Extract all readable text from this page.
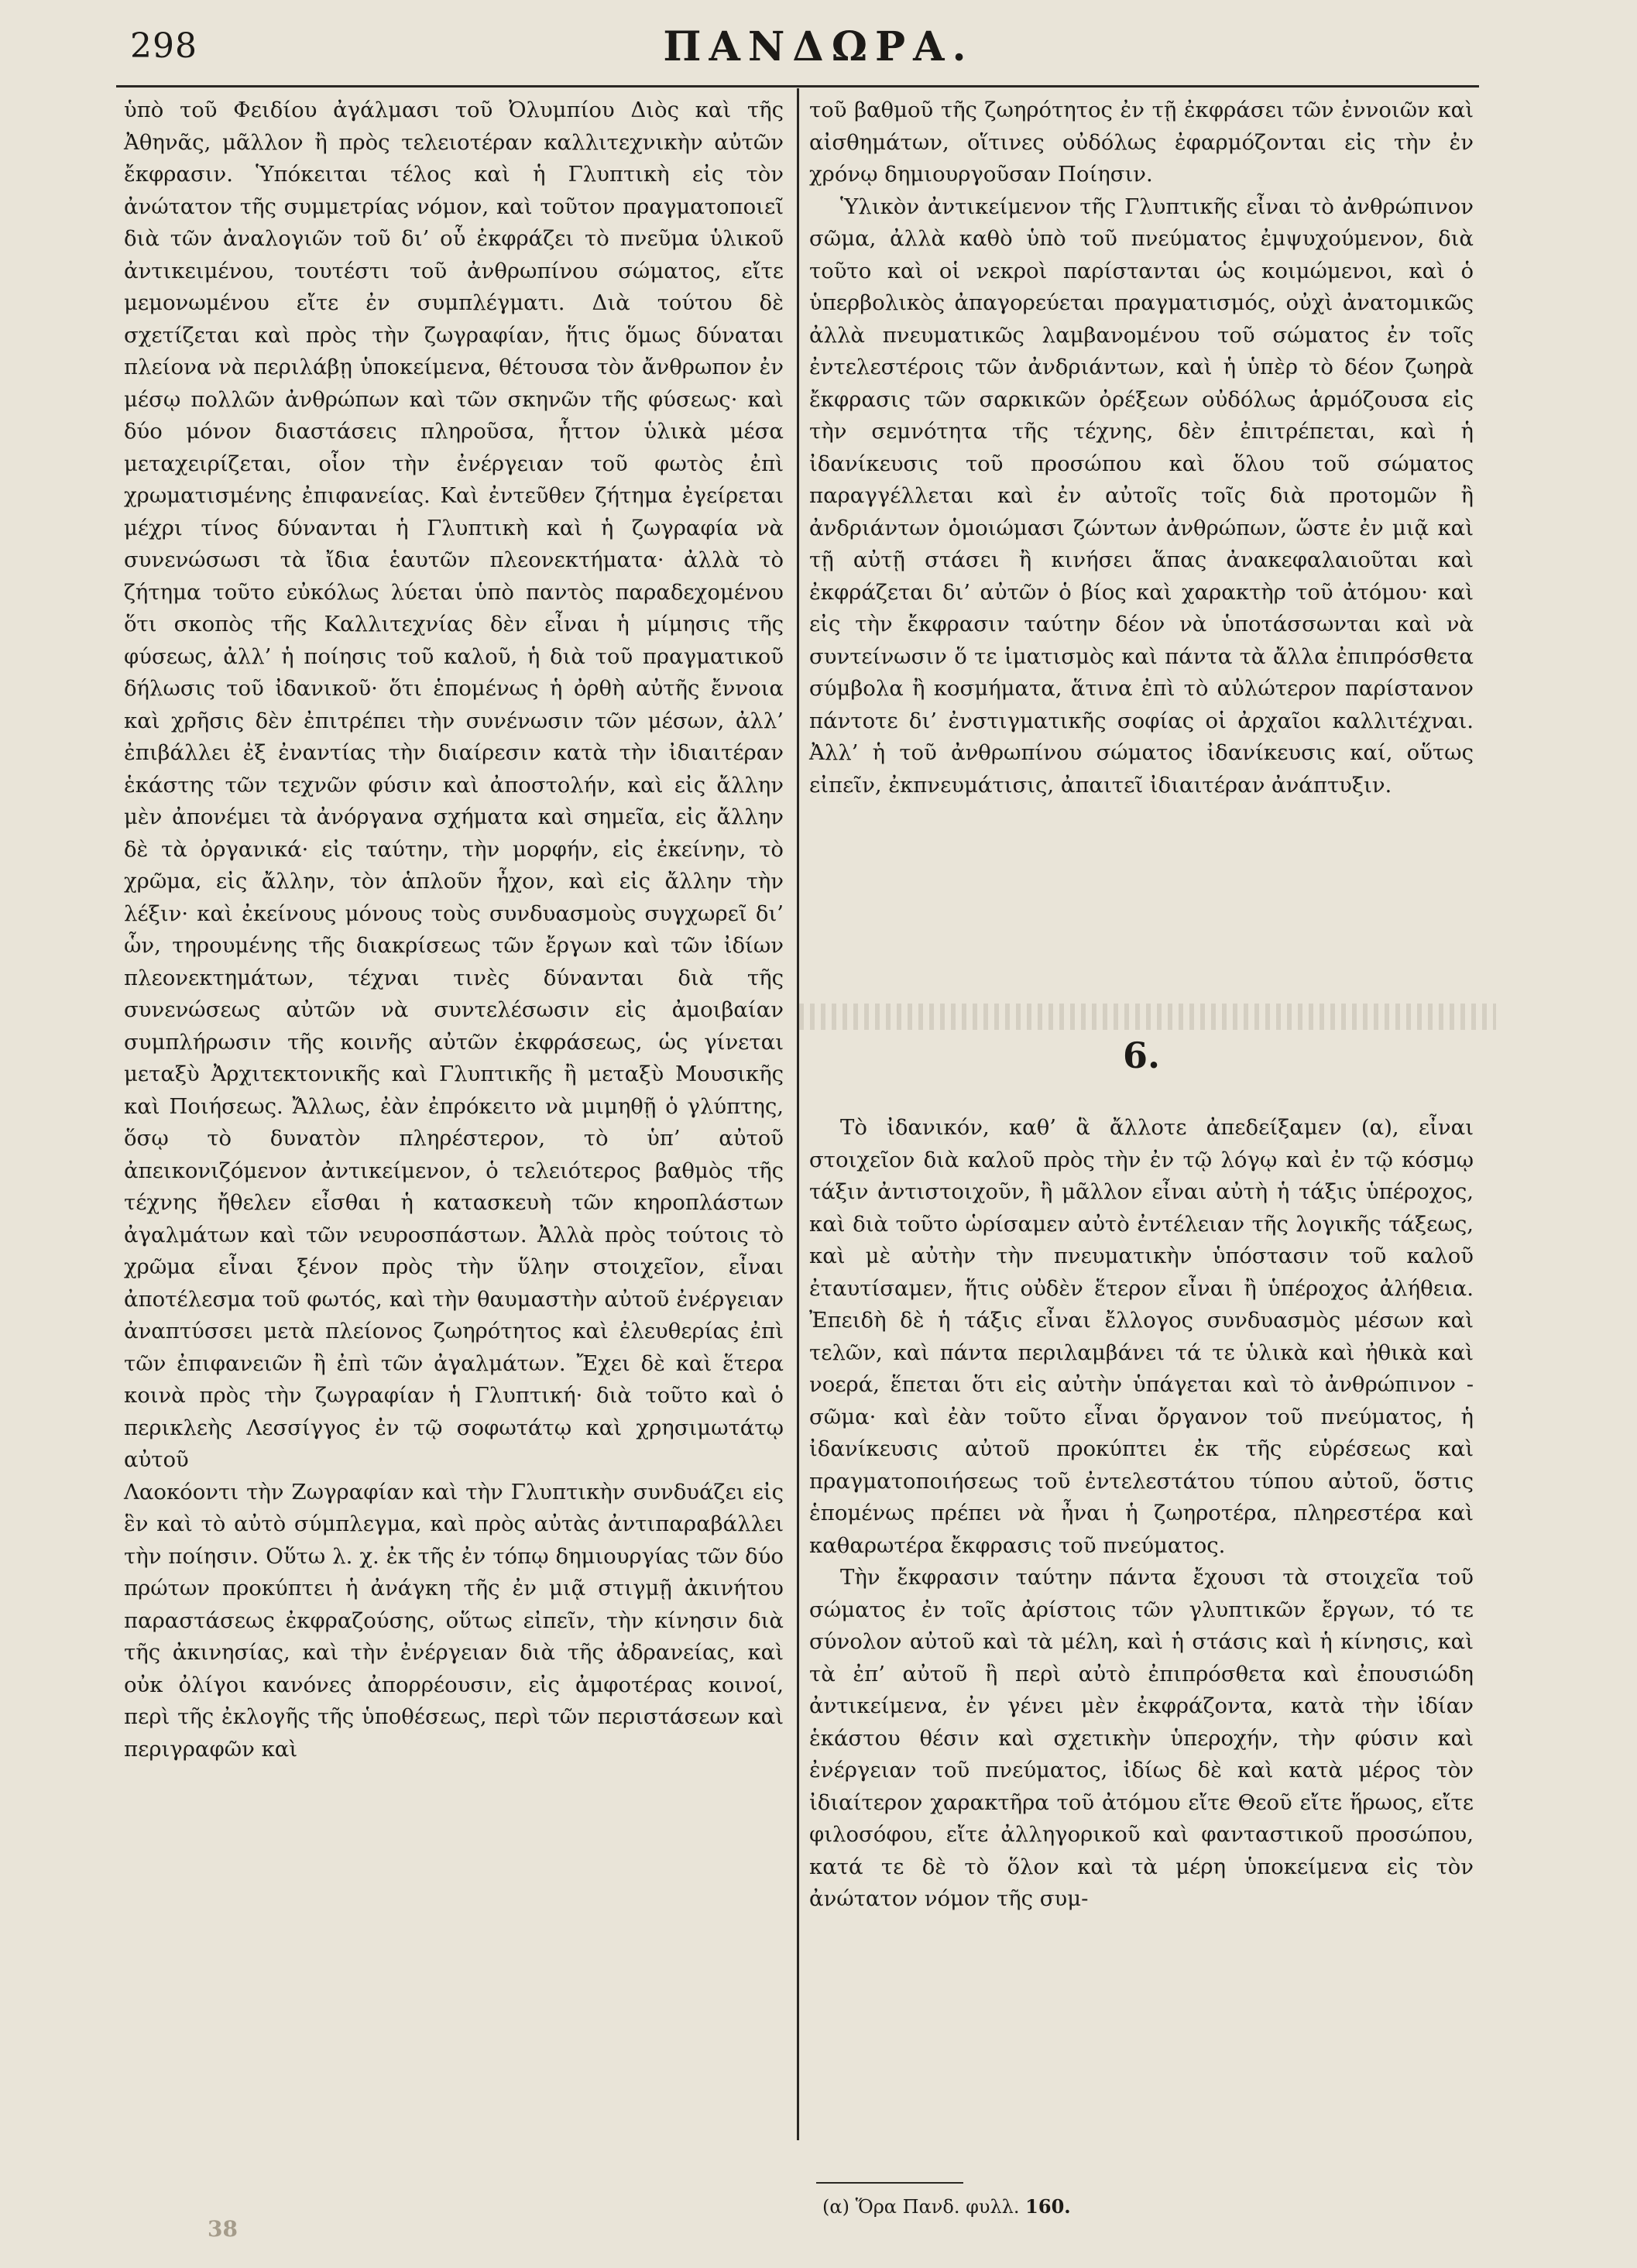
298	ΠΑΝΔΩΡΑ.

ὑπὸ τοῦ Φειδίου ἀγάλμασι τοῦ Ὀλυμπίου Διὸς καὶ τῆς Ἀθηνᾶς, μᾶλλον ἢ πρὸς τελειοτέραν καλλιτεχνικὴν αὐτῶν ἔκφρασιν. Ὑπόκειται τέλος καὶ ἡ Γλυπτικὴ εἰς τὸν ἀνώτατον τῆς συμμετρίας νόμον, καὶ τοῦτον πραγματοποιεῖ διὰ τῶν ἀναλογιῶν τοῦ δι’ οὗ ἐκφράζει τὸ πνεῦμα ὑλικοῦ ἀντικειμένου, τουτέστι τοῦ ἀνθρωπίνου σώματος, εἴτε μεμονωμένου εἴτε ἐν συμπλέγματι. Διὰ τούτου δὲ σχετίζεται καὶ πρὸς τὴν ζωγραφίαν, ἥτις ὅμως δύναται πλείονα νὰ περιλάβῃ ὑποκείμενα, θέτουσα τὸν ἄνθρωπον ἐν μέσῳ πολλῶν ἀνθρώπων καὶ τῶν σκηνῶν τῆς φύσεως· καὶ δύο μόνον διαστάσεις πληροῦσα, ἧττον ὑλικὰ μέσα μεταχειρίζεται, οἷον τὴν ἐνέργειαν τοῦ φωτὸς ἐπὶ χρωματισμένης ἐπιφανείας. Καὶ ἐντεῦθεν ζήτημα ἐγείρεται μέχρι τίνος δύνανται ἡ Γλυπτικὴ καὶ ἡ ζωγραφία νὰ συνενώσωσι τὰ ἴδια ἑαυτῶν πλεονεκτήματα· ἀλλὰ τὸ ζήτημα τοῦτο εὐκόλως λύεται ὑπὸ παντὸς παραδεχομένου ὅτι σκοπὸς τῆς Καλλιτεχνίας δὲν εἶναι ἡ μίμησις τῆς φύσεως, ἀλλ’ ἡ ποίησις τοῦ καλοῦ, ἡ διὰ τοῦ πραγματικοῦ δήλωσις τοῦ ἰδανικοῦ· ὅτι ἑπομένως ἡ ὀρθὴ αὐτῆς ἔννοια καὶ χρῆσις δὲν ἐπιτρέπει τὴν συνένωσιν τῶν μέσων, ἀλλ’ ἐπιβάλλει ἐξ ἐναντίας τὴν διαίρεσιν κατὰ τὴν ἰδιαιτέραν ἑκάστης τῶν τεχνῶν φύσιν καὶ ἀποστολήν, καὶ εἰς ἄλλην μὲν ἀπονέμει τὰ ἀνόργανα σχήματα καὶ σημεῖα, εἰς ἄλλην δὲ τὰ ὀργανικά· εἰς ταύτην, τὴν μορφήν, εἰς ἐκείνην, τὸ χρῶμα, εἰς ἄλλην, τὸν ἁπλοῦν ἦχον, καὶ εἰς ἄλλην τὴν λέξιν· καὶ ἐκείνους μόνους τοὺς συνδυασμοὺς συγχωρεῖ δι’ ὧν, τηρουμένης τῆς διακρίσεως τῶν ἔργων καὶ τῶν ἰδίων πλεονεκτημάτων, τέχναι τινὲς δύνανται διὰ τῆς συνενώσεως αὐτῶν νὰ συντελέσωσιν εἰς ἀμοιβαίαν συμπλήρωσιν τῆς κοινῆς αὐτῶν ἐκφράσεως, ὡς γίνεται μεταξὺ Ἀρχιτεκτονικῆς καὶ Γλυπτικῆς ἢ μεταξὺ Μουσικῆς καὶ Ποιήσεως. Ἄλλως, ἐὰν ἐπρόκειτο νὰ μιμηθῇ ὁ γλύπτης, ὅσῳ τὸ δυνατὸν πληρέστερον, τὸ ὑπ’ αὐτοῦ ἀπεικονιζόμενον ἀντικείμενον, ὁ τελειότερος βαθμὸς τῆς τέχνης ἤθελεν εἶσθαι ἡ κατασκευὴ τῶν κηροπλάστων ἀγαλμάτων καὶ τῶν νευροσπάστων. Ἀλλὰ πρὸς τούτοις τὸ χρῶμα εἶναι ξένον πρὸς τὴν ὕλην στοιχεῖον, εἶναι ἀποτέλεσμα τοῦ φωτός, καὶ τὴν θαυμαστὴν αὐτοῦ ἐνέργειαν ἀναπτύσσει μετὰ πλείονος ζωηρότητος καὶ ἐλευθερίας ἐπὶ τῶν ἐπιφανειῶν ἢ ἐπὶ τῶν ἀγαλμάτων. Ἔχει δὲ καὶ ἕτερα κοινὰ πρὸς τὴν ζωγραφίαν ἡ Γλυπτική· διὰ τοῦτο καὶ ὁ περικλεὴς Λεσσίγγος ἐν τῷ σοφωτάτῳ καὶ χρησιμωτάτῳ αὐτοῦ

Λαοκόοντι τὴν Ζωγραφίαν καὶ τὴν Γλυπτικὴν συνδυάζει εἰς ἓν καὶ τὸ αὐτὸ σύμπλεγμα, καὶ πρὸς αὐτὰς ἀντιπαραβάλλει τὴν ποίησιν. Οὕτω λ. χ. ἐκ τῆς ἐν τόπῳ δημιουργίας τῶν δύο πρώτων προκύπτει ἡ ἀνάγκη τῆς ἐν μιᾷ στιγμῇ ἀκινήτου παραστάσεως ἐκφραζούσης, οὕτως εἰπεῖν, τὴν κίνησιν διὰ τῆς ἀκινησίας, καὶ τὴν ἐνέργειαν διὰ τῆς ἀδρανείας, καὶ οὐκ ὀλίγοι κανόνες ἀπορρέουσιν, εἰς ἀμφοτέρας κοινοί, περὶ τῆς ἐκλογῆς τῆς ὑποθέσεως, περὶ τῶν περιστάσεων καὶ περιγραφῶν καὶ

τοῦ βαθμοῦ τῆς ζωηρότητος ἐν τῇ ἐκφράσει τῶν ἐννοιῶν καὶ αἰσθημάτων, οἵτινες οὐδόλως ἐφαρμόζονται εἰς τὴν ἐν χρόνῳ δημιουργοῦσαν Ποίησιν.

Ὑλικὸν ἀντικείμενον τῆς Γλυπτικῆς εἶναι τὸ ἀνθρώπινον σῶμα, ἀλλὰ καθὸ ὑπὸ τοῦ πνεύματος ἐμψυχούμενον, διὰ τοῦτο καὶ οἱ νεκροὶ παρίστανται ὡς κοιμώμενοι, καὶ ὁ ὑπερβολικὸς ἀπαγορεύεται πραγματισμός, οὐχὶ ἀνατομικῶς ἀλλὰ πνευματικῶς λαμβανομένου τοῦ σώματος ἐν τοῖς ἐντελεστέροις τῶν ἀνδριάντων, καὶ ἡ ὑπὲρ τὸ δέον ζωηρὰ ἔκφρασις τῶν σαρκικῶν ὀρέξεων οὐδόλως ἁρμόζουσα εἰς τὴν σεμνότητα τῆς τέχνης, δὲν ἐπιτρέπεται, καὶ ἡ ἰδανίκευσις τοῦ προσώπου καὶ ὅλου τοῦ σώματος παραγγέλλεται καὶ ἐν αὐτοῖς τοῖς διὰ προτομῶν ἢ ἀνδριάντων ὁμοιώμασι ζώντων ἀνθρώπων, ὥστε ἐν μιᾷ καὶ τῇ αὐτῇ στάσει ἢ κινήσει ἅπας ἀνακεφαλαιοῦται καὶ ἐκφράζεται δι’ αὐτῶν ὁ βίος καὶ χαρακτὴρ τοῦ ἀτόμου· καὶ εἰς τὴν ἔκφρασιν ταύτην δέον νὰ ὑποτάσσωνται καὶ νὰ συντείνωσιν ὅ τε ἱματισμὸς καὶ πάντα τὰ ἄλλα ἐπιπρόσθετα σύμβολα ἢ κοσμήματα, ἅτινα ἐπὶ τὸ αὐλώτερον παρίστανον πάντοτε δι’ ἐνστιγματικῆς σοφίας οἱ ἀρχαῖοι καλλιτέχναι. Ἀλλ’ ἡ τοῦ ἀνθρωπίνου σώματος ἰδανίκευσις καί, οὕτως εἰπεῖν, ἐκπνευμάτισις, ἀπαιτεῖ ἰδιαιτέραν ἀνάπτυξιν.

6.

Τὸ ἰδανικόν, καθ’ ἃ ἄλλοτε ἀπεδείξαμεν (α), εἶναι στοιχεῖον διὰ καλοῦ πρὸς τὴν ἐν τῷ λόγῳ καὶ ἐν τῷ κόσμῳ τάξιν ἀντιστοιχοῦν, ἢ μᾶλλον εἶναι αὐτὴ ἡ τάξις ὑπέροχος, καὶ διὰ τοῦτο ὡρίσαμεν αὐτὸ ἐντέλειαν τῆς λογικῆς τάξεως, καὶ μὲ αὐτὴν τὴν πνευματικὴν ὑπόστασιν τοῦ καλοῦ ἐταυτίσαμεν, ἥτις οὐδὲν ἕτερον εἶναι ἢ ὑπέροχος ἀλήθεια. Ἐπειδὴ δὲ ἡ τάξις εἶναι ἔλλογος συνδυασμὸς μέσων καὶ τελῶν, καὶ πάντα περιλαμβάνει τά τε ὑλικὰ καὶ ἠθικὰ καὶ νοερά, ἕπεται ὅτι εἰς αὐτὴν ὑπάγεται καὶ τὸ ἀνθρώπινον - σῶμα· καὶ ἐὰν τοῦτο εἶναι ὄργανον τοῦ πνεύματος, ἡ ἰδανίκευσις αὐτοῦ προκύπτει ἐκ τῆς εὑρέσεως καὶ πραγματοποιήσεως τοῦ ἐντελεστάτου τύπου αὐτοῦ, ὅστις ἑπομένως πρέπει νὰ ἦναι ἡ ζωηροτέρα, πληρεστέρα καὶ καθαρωτέρα ἔκφρασις τοῦ πνεύματος.

Τὴν ἔκφρασιν ταύτην πάντα ἔχουσι τὰ στοιχεῖα τοῦ σώματος ἐν τοῖς ἀρίστοις τῶν γλυπτικῶν ἔργων, τό τε σύνολον αὐτοῦ καὶ τὰ μέλη, καὶ ἡ στάσις καὶ ἡ κίνησις, καὶ τὰ ἐπ’ αὐτοῦ ἢ περὶ αὐτὸ ἐπιπρόσθετα καὶ ἐπουσιώδη ἀντικείμενα, ἐν γένει μὲν ἐκφράζοντα, κατὰ τὴν ἰδίαν ἑκάστου θέσιν καὶ σχετικὴν ὑπεροχήν, τὴν φύσιν καὶ ἐνέργειαν τοῦ πνεύματος, ἰδίως δὲ καὶ κατὰ μέρος τὸν ἰδιαίτερον χαρακτῆρα τοῦ ἀτόμου εἴτε Θεοῦ εἴτε ἥρωος, εἴτε φιλοσόφου, εἴτε ἀλληγορικοῦ καὶ φανταστικοῦ προσώπου, κατά τε δὲ τὸ ὅλον καὶ τὰ μέρη ὑποκείμενα εἰς τὸν ἀνώτατον νόμον τῆς συμ-

(α) Ὅρα Πανδ. φυλλ. 160.
38
